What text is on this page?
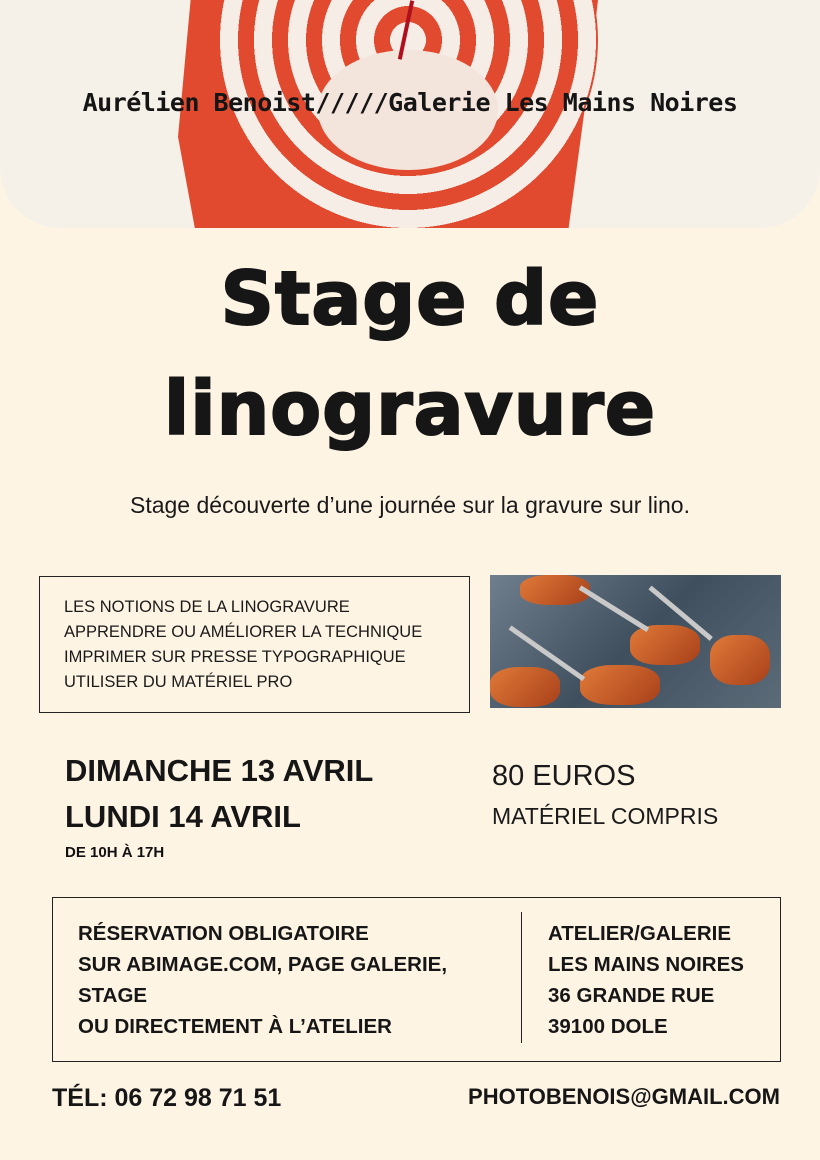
Aurélien Benoist/////Galerie Les Mains Noires
Stage de
linogravure
Stage découverte d’une journée sur la gravure sur lino.
LES NOTIONS DE LA LINOGRAVURE
APPRENDRE OU AMÉLIORER LA TECHNIQUE
IMPRIMER SUR PRESSE TYPOGRAPHIQUE
UTILISER DU MATÉRIEL PRO
DIMANCHE 13 AVRIL
LUNDI 14 AVRIL
DE 10H À 17H
80 EUROS
MATÉRIEL COMPRIS
RÉSERVATION OBLIGATOIRE
SUR ABIMAGE.COM, PAGE GALERIE,
STAGE
OU DIRECTEMENT À L’ATELIER
ATELIER/GALERIE
LES MAINS NOIRES
36 GRANDE RUE
39100 DOLE
TÉL: 06 72 98 71 51	PHOTOBENOIS@GMAIL.COM
